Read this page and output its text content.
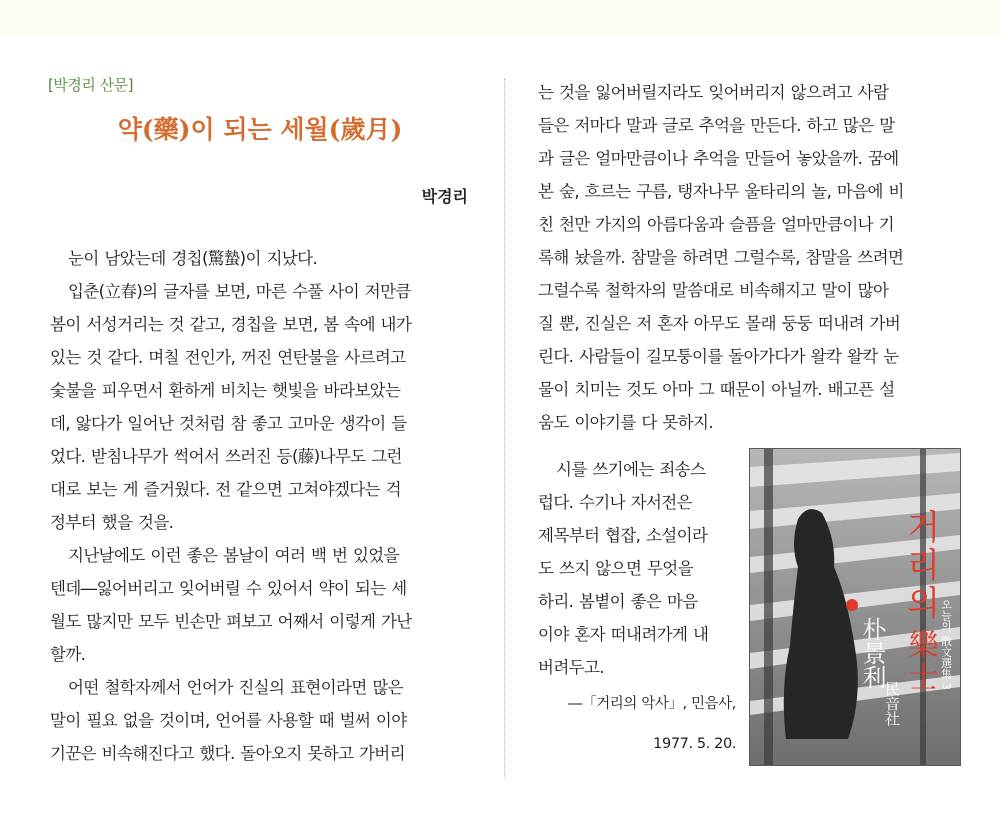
[박경리 산문]
약(藥)이 되는 세월(歲月)
박경리

눈이 남았는데 경칩(驚蟄)이 지났다.

입춘(立春)의 글자를 보면, 마른 수풀 사이 저만큼

봄이 서성거리는 것 같고, 경칩을 보면, 봄 속에 내가

있는 것 같다. 며칠 전인가, 꺼진 연탄불을 사르려고

숯불을 피우면서 환하게 비치는 햇빛을 바라보았는

데, 앓다가 일어난 것처럼 참 좋고 고마운 생각이 들

었다. 받침나무가 썩어서 쓰러진 등(藤)나무도 그런

대로 보는 게 즐거웠다. 전 같으면 고쳐야겠다는 걱

정부터 했을 것을.

지난날에도 이런 좋은 봄날이 여러 백 번 있었을

텐데―잃어버리고 잊어버릴 수 있어서 약이 되는 세

월도 많지만 모두 빈손만 펴보고 어째서 이렇게 가난

할까.

어떤 철학자께서 언어가 진실의 표현이라면 많은

말이 필요 없을 것이며, 언어를 사용할 때 벌써 이야

기꾼은 비속해진다고 했다. 돌아오지 못하고 가버리

는 것을 잃어버릴지라도 잊어버리지 않으려고 사람

들은 저마다 말과 글로 추억을 만든다. 하고 많은 말

과 글은 얼마만큼이나 추억을 만들어 놓았을까. 꿈에

본 숲, 흐르는 구름, 탱자나무 울타리의 놀, 마음에 비

친 천만 가지의 아름다움과 슬픔을 얼마만큼이나 기

록해 놨을까. 참말을 하려면 그럴수록, 참말을 쓰려면

그럴수록 철학자의 말씀대로 비속해지고 말이 많아

질 뿐, 진실은 저 혼자 아무도 몰래 둥둥 떠내려 가버

린다. 사람들이 길모퉁이를 돌아가다가 왈칵 왈칵 눈

물이 치미는 것도 아마 그 때문이 아닐까. 배고픈 설

움도 이야기를 다 못하지.

시를 쓰기에는 죄송스

럽다. 수기나 자서전은

제목부터 협잡, 소설이라

도 쓰지 않으면 무엇을

하리. 봄볕이 좋은 마음

이야 혼자 떠내려가게 내

버려두고.

―「거리의 악사」, 민음사,
1977. 5. 20.
거리의
樂士 오늘의 散文選集 3
朴景利
民音社
